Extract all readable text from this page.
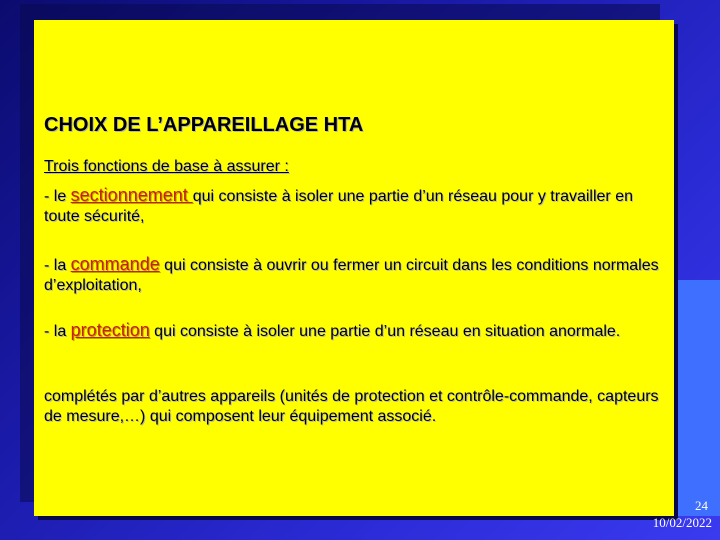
CHOIX DE L’APPAREILLAGE HTA
Trois fonctions de base à assurer :
- le sectionnement qui consiste à isoler une partie d’un réseau pour y travailler en toute sécurité,
- la commande qui consiste à ouvrir ou fermer un circuit dans les conditions normales d’exploitation,
- la protection qui consiste à isoler une partie d’un réseau en situation anormale.
complétés par d’autres appareils (unités de protection et contrôle-commande, capteurs de mesure,…) qui composent leur équipement associé.
24
10/02/2022
